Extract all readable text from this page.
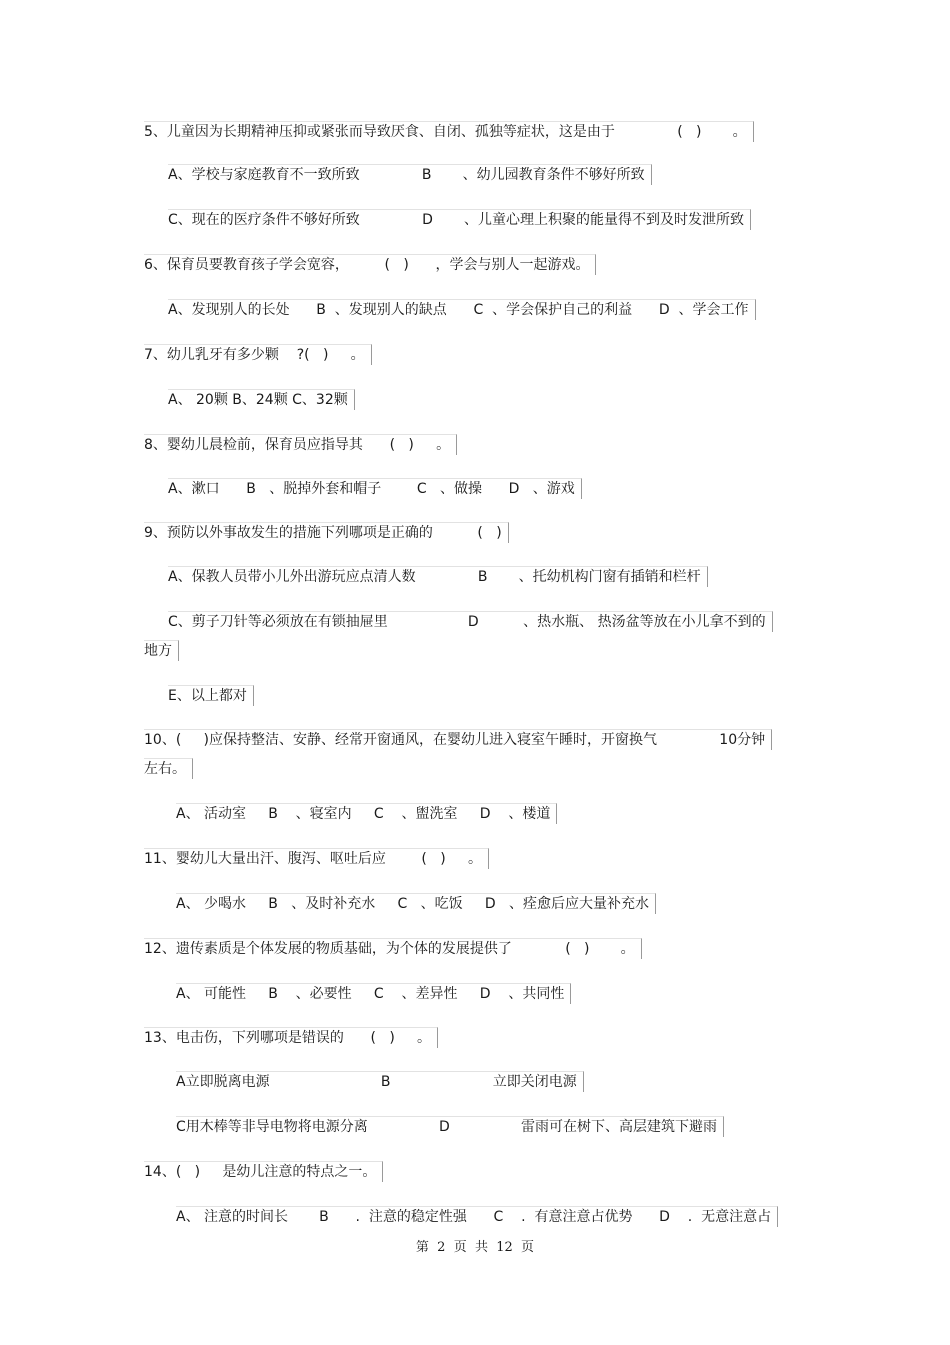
5、儿童因为长期精神压抑或紧张而导致厌食、自闭、孤独等症状，这是由于              (   )       。
A、学校与家庭教育不一致所致              B       、幼儿园教育条件不够好所致
C、现在的医疗条件不够好所致              D       、儿童心理上积聚的能量得不到及时发泄所致
6、保育员要教育孩子学会宽容，        (   )      ，学会与别人一起游戏。
A、发现别人的长处      B  、发现别人的缺点      C  、学会保护自己的利益      D  、学会工作
7、幼儿乳牙有多少颗    ?(   )     。
A、 20颗 B、24颗 C、32颗
8、婴幼儿晨检前，保育员应指导其      (   )     。
A、漱口      B   、脱掉外套和帽子        C   、做操      D   、游戏
9、预防以外事故发生的措施下列哪项是正确的          (   )
A、保教人员带小儿外出游玩应点清人数              B       、托幼机构门窗有插销和栏杆
C、剪子刀针等必须放在有锁抽屉里                  D          、热水瓶、 热汤盆等放在小儿拿不到的
地方
E、以上都对
10、(     )应保持整洁、安静、经常开窗通风，在婴幼儿进入寝室午睡时，开窗换气              10分钟
左右。
A、 活动室     B    、寝室内     C    、盥洗室     D    、楼道
11、婴幼儿大量出汗、腹泻、呕吐后应        (   )     。
A、 少喝水     B   、及时补充水     C   、吃饭     D   、痊愈后应大量补充水
12、遗传素质是个体发展的物质基础，为个体的发展提供了            (   )       。
A、 可能性     B    、必要性     C    、差异性     D    、共同性
13、电击伤，下列哪项是错误的      (   )     。
A立即脱离电源                         B                       立即关闭电源
C用木棒等非导电物将电源分离                D                雷雨可在树下、高层建筑下避雨
14、(   )     是幼儿注意的特点之一。
A、 注意的时间长       B      .  注意的稳定性强      C    .  有意注意占优势      D    .  无意注意占
第  2  页  共  12  页
